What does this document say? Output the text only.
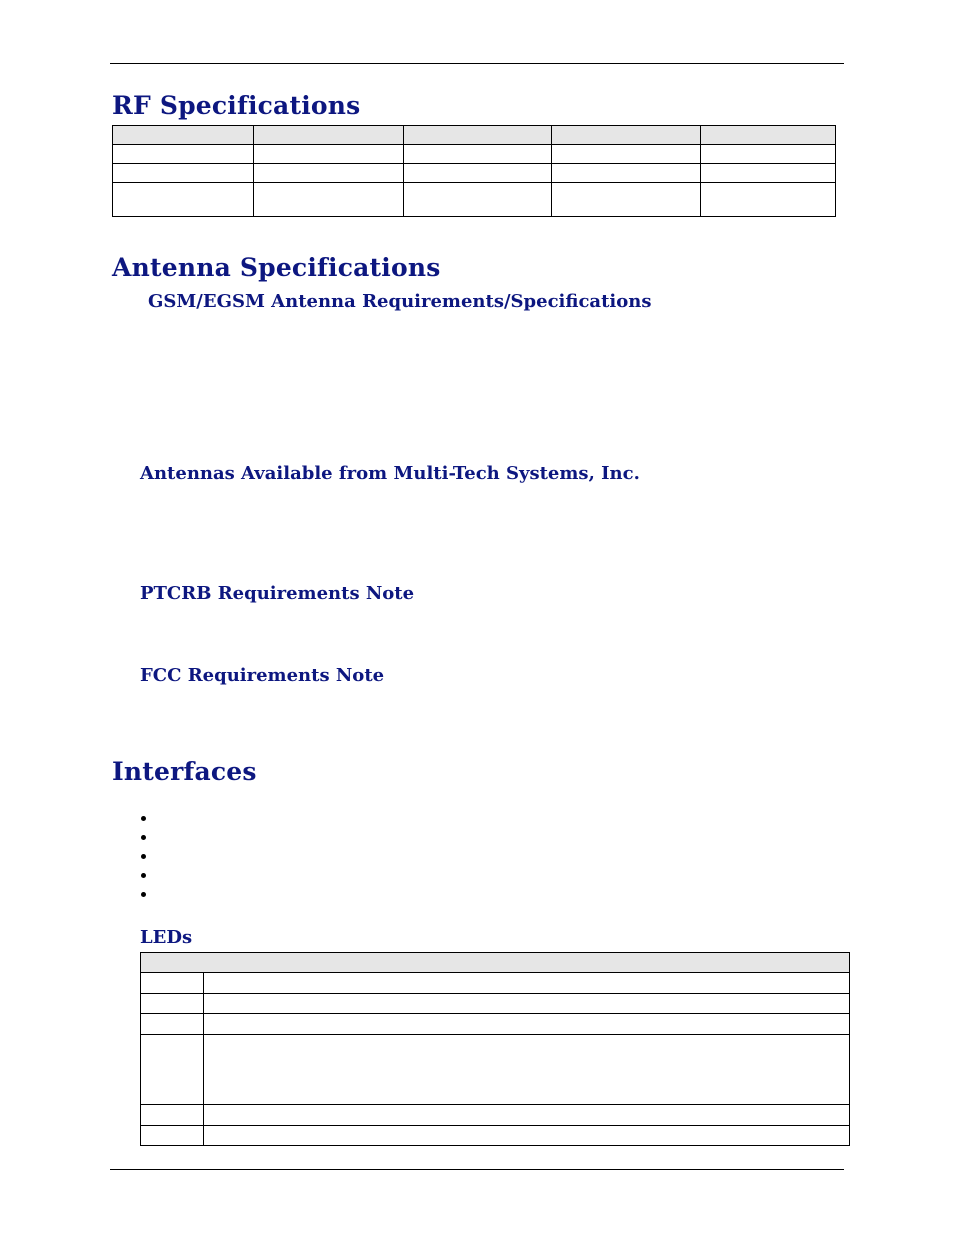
RF Specifications

Antenna Specifications
GSM/EGSM Antenna Requirements/Specifications
Antennas Available from Multi-Tech Systems, Inc.
PTCRB Requirements Note
FCC Requirements Note
Interfaces
LEDs
